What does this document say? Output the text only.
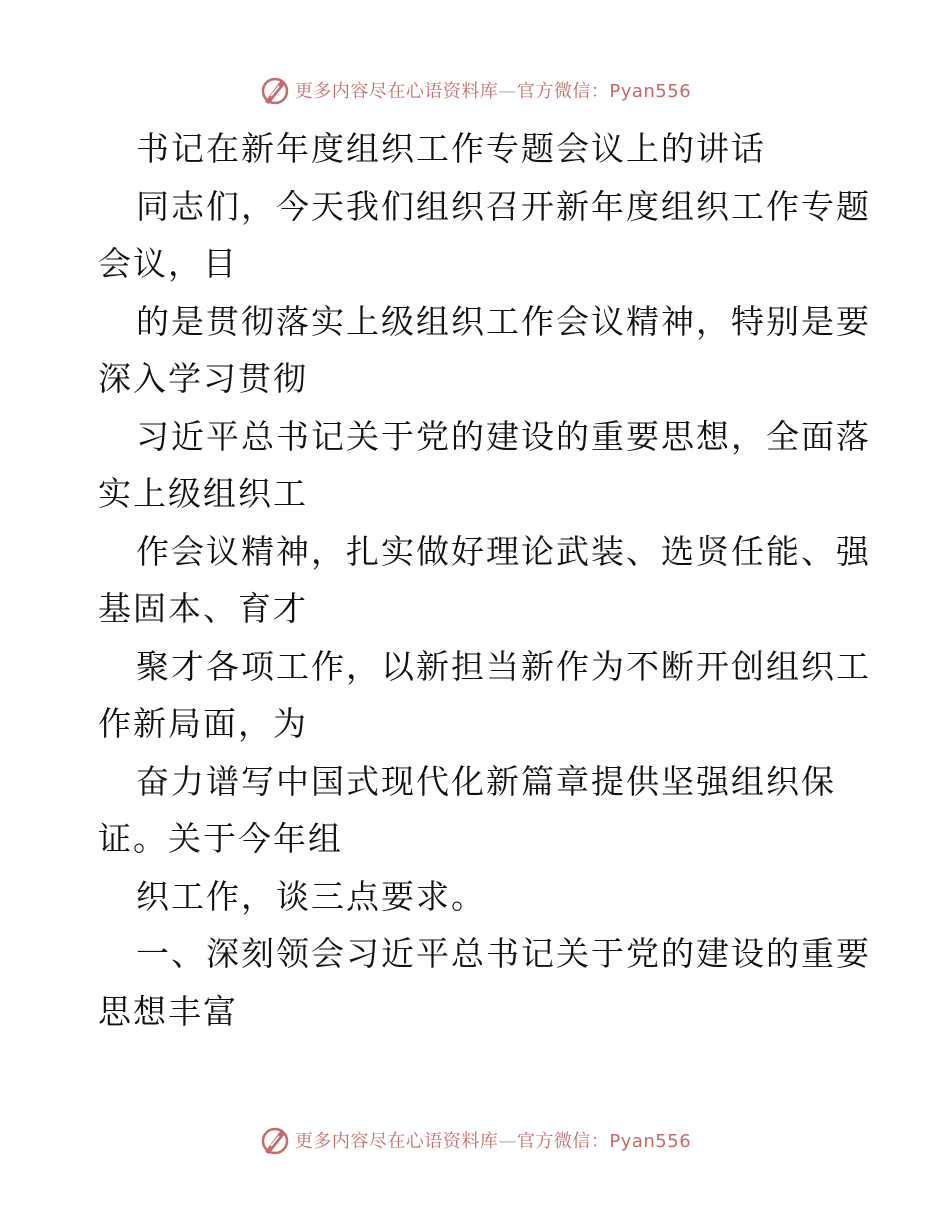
更多内容尽在心语资料库—官方微信：Pyan556
书记在新年度组织工作专题会议上的讲话
同志们，今天我们组织召开新年度组织工作专题
会议，目
的是贯彻落实上级组织工作会议精神，特别是要
深入学习贯彻
习近平总书记关于党的建设的重要思想，全面落
实上级组织工
作会议精神，扎实做好理论武装、选贤任能、强
基固本、育才
聚才各项工作，以新担当新作为不断开创组织工
作新局面，为
奋力谱写中国式现代化新篇章提供坚强组织保
证。关于今年组
织工作，谈三点要求。
一、深刻领会习近平总书记关于党的建设的重要
思想丰富
更多内容尽在心语资料库—官方微信：Pyan556
